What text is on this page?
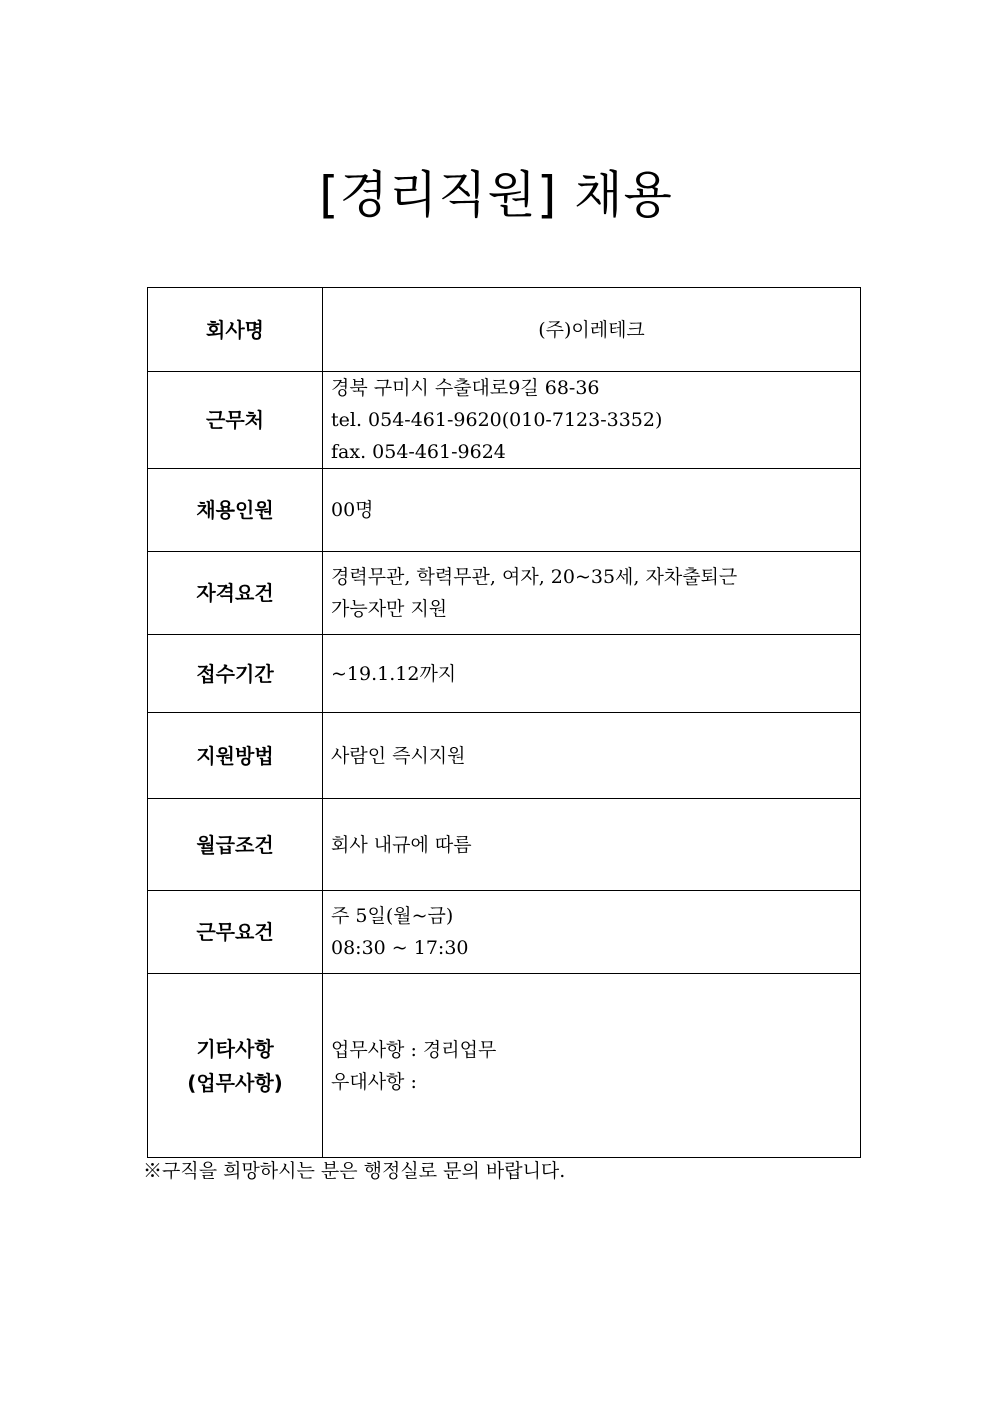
[경리직원] 채용
회사명	(주)이레테크

근무처	경북 구미시 수출대로9길 68-36
tel. 054-461-9620(010-7123-3352)
fax. 054-461-9624

채용인원	00명

자격요건	경력무관, 학력무관, 여자, 20~35세, 자차출퇴근
가능자만 지원

접수기간	~19.1.12까지

지원방법	사람인 즉시지원

월급조건	회사 내규에 따름

근무요건	주 5일(월~금)
08:30 ~ 17:30

기타사항
(업무사항)	업무사항 : 경리업무
우대사항 :
※구직을 희망하시는 분은 행정실로 문의 바랍니다.
